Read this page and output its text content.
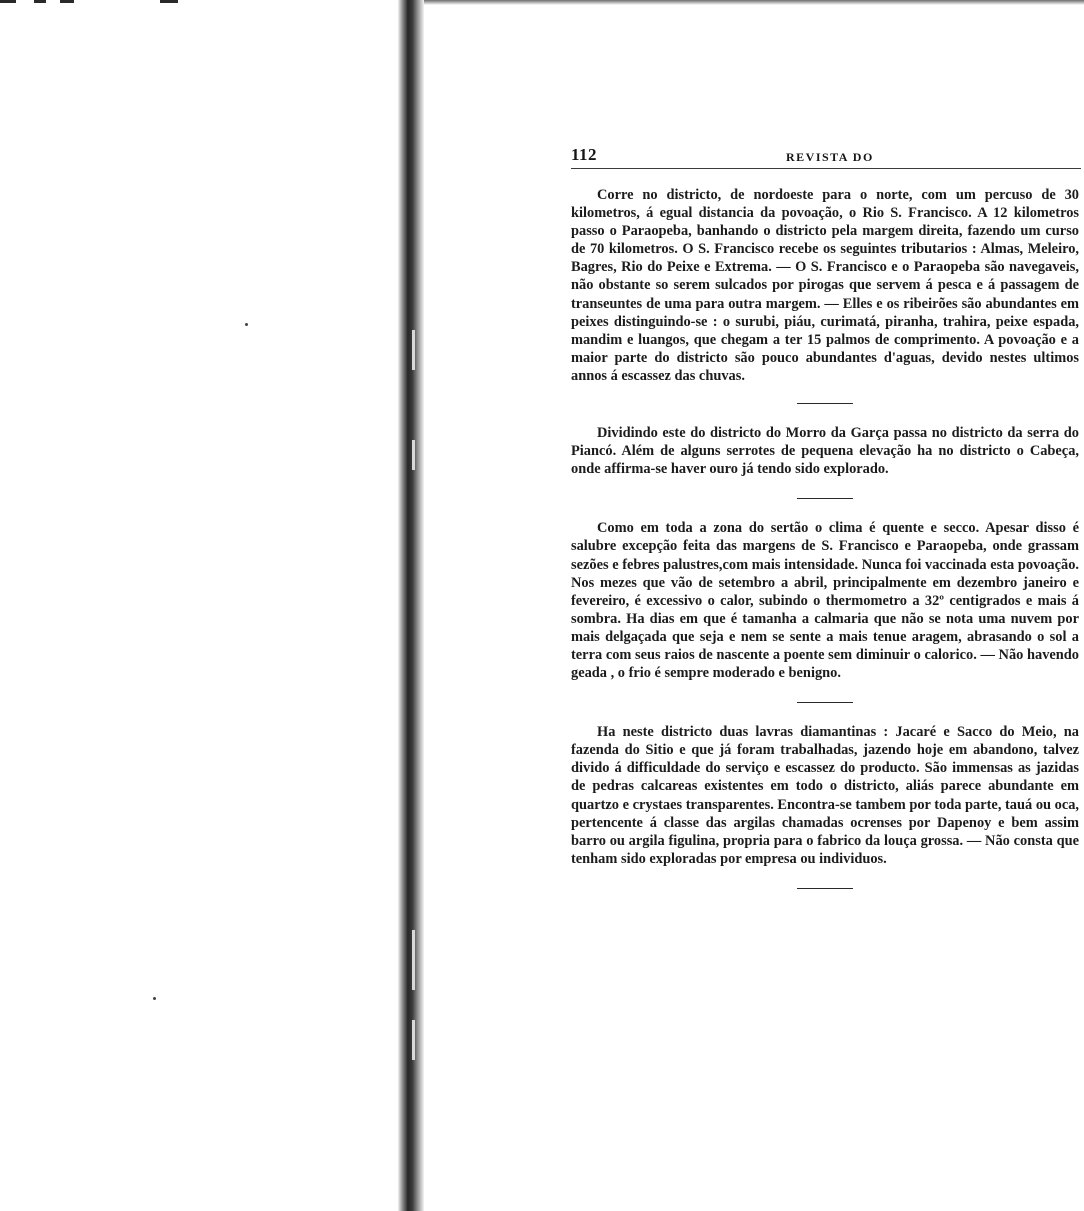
112	REVISTA DO

Corre no districto, de nordoeste para o norte, com um percuso de 30 kilometros, á egual distancia da povoação, o Rio S. Francisco. A 12 kilometros passo o Paraopeba, banhando o districto pela margem direita, fazendo um curso de 70 kilometros. O S. Francisco recebe os seguintes tributarios : Almas, Meleiro, Bagres, Rio do Peixe e Extrema. — O S. Francisco e o Paraopeba são navegaveis, não obstante so serem sulcados por pirogas que servem á pesca e á passagem de transeuntes de uma para outra margem. — Elles e os ribeirões são abundantes em peixes distinguindo-se : o surubi, piáu, curimatá, piranha, trahira, peixe espada, mandim e luangos, que chegam a ter 15 palmos de comprimento. A povoação e a maior parte do districto são pouco abundantes d'aguas, devido nestes ultimos annos á escassez das chuvas.

Dividindo este do districto do Morro da Garça passa no districto da serra do Piancó. Além de alguns serrotes de pequena elevação ha no districto o Cabeça, onde affirma-se haver ouro já tendo sido explorado.

Como em toda a zona do sertão o clima é quente e secco. Apesar disso é salubre excepção feita das margens de S. Francisco e Paraopeba, onde grassam sezões e febres palustres,com mais intensidade. Nunca foi vaccinada esta povoação. Nos mezes que vão de setembro a abril, principalmente em dezembro janeiro e fevereiro, é excessivo o calor, subindo o thermometro a 32º centigrados e mais á sombra. Ha dias em que é tamanha a calmaria que não se nota uma nuvem por mais delgaçada que seja e nem se sente a mais tenue aragem, abrasando o sol a terra com seus raios de nascente a poente sem diminuir o calorico. — Não havendo geada , o frio é sempre moderado e benigno.

Ha neste districto duas lavras diamantinas : Jacaré e Sacco do Meio, na fazenda do Sitio e que já foram trabalhadas, jazendo hoje em abandono, talvez divido á difficuldade do serviço e escassez do producto. São immensas as jazidas de pedras calcareas existentes em todo o districto, aliás parece abundante em quartzo e crystaes transparentes. Encontra-se tambem por toda parte, tauá ou oca, pertencente á classe das argilas chamadas ocrenses por Dapenoy e bem assim barro ou argila figulina, propria para o fabrico da louça grossa. — Não consta que tenham sido exploradas por empresa ou individuos.
